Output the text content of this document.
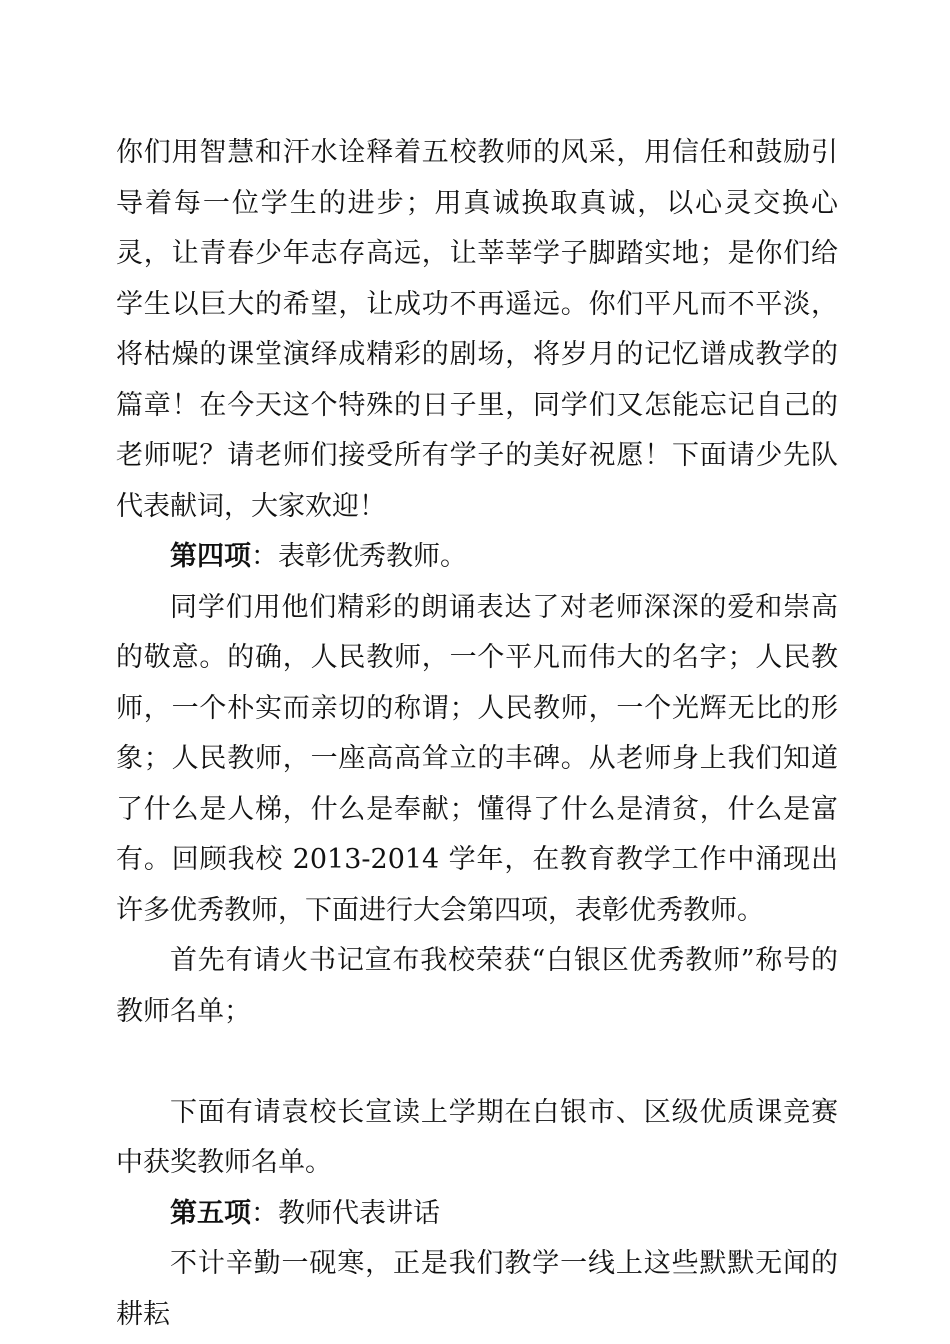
你们用智慧和汗水诠释着五校教师的风采，用信任和鼓励引导着每一位学生的进步；用真诚换取真诚，以心灵交换心灵，让青春少年志存高远，让莘莘学子脚踏实地；是你们给学生以巨大的希望，让成功不再遥远。你们平凡而不平淡，将枯燥的课堂演绎成精彩的剧场，将岁月的记忆谱成教学的篇章！在今天这个特殊的日子里，同学们又怎能忘记自己的老师呢？请老师们接受所有学子的美好祝愿！下面请少先队代表献词，大家欢迎！

第四项：表彰优秀教师。

同学们用他们精彩的朗诵表达了对老师深深的爱和崇高的敬意。的确，人民教师，一个平凡而伟大的名字；人民教师，一个朴实而亲切的称谓；人民教师，一个光辉无比的形象；人民教师，一座高高耸立的丰碑。从老师身上我们知道了什么是人梯，什么是奉献；懂得了什么是清贫，什么是富有。回顾我校 2013-2014 学年，在教育教学工作中涌现出许多优秀教师，下面进行大会第四项，表彰优秀教师。

首先有请火书记宣布我校荣获“白银区优秀教师”称号的教师名单；

下面有请袁校长宣读上学期在白银市、区级优质课竞赛中获奖教师名单。

第五项：教师代表讲话

不计辛勤一砚寒，正是我们教学一线上这些默默无闻的耕耘
